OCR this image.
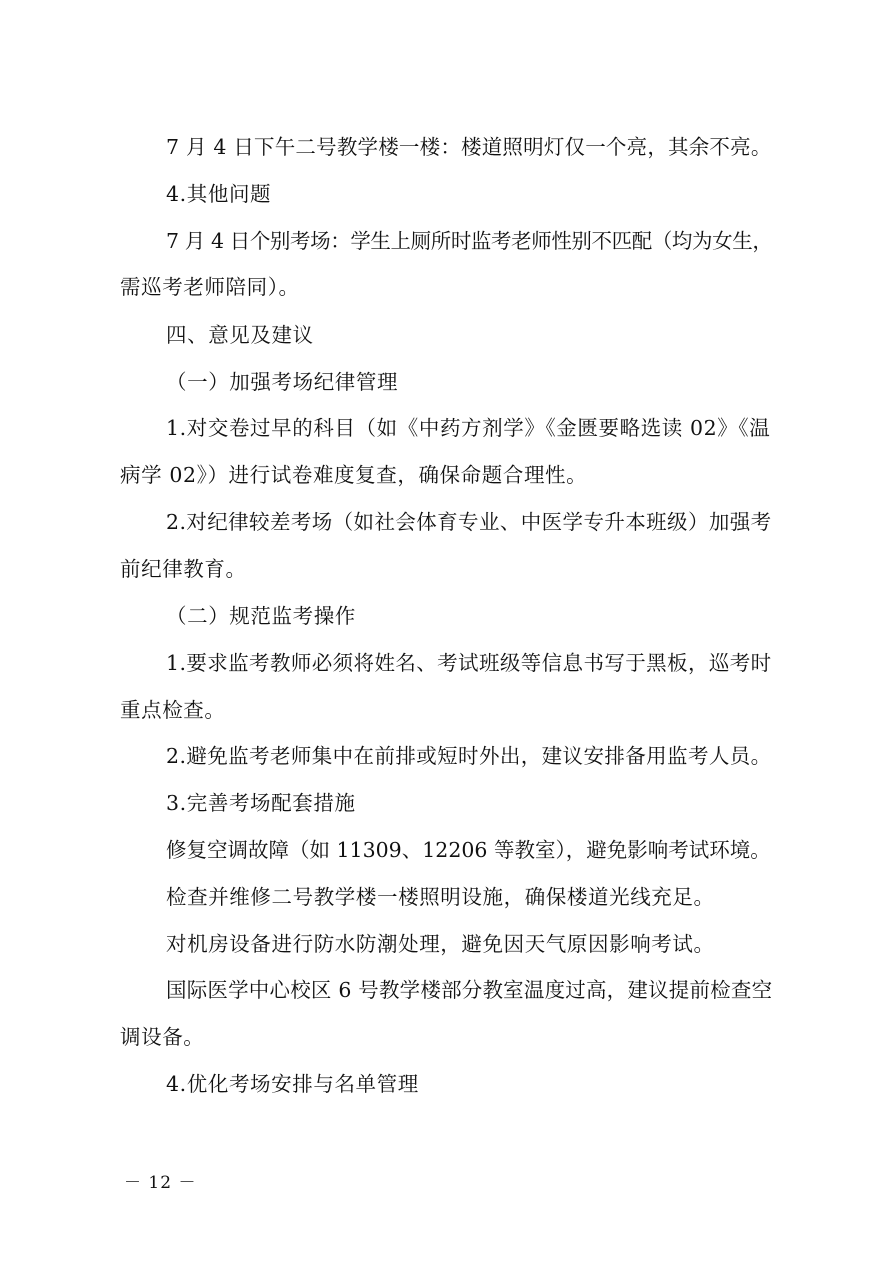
7 月 4 日下午二号教学楼一楼：楼道照明灯仅一个亮，其余不亮。
4.其他问题
7 月 4 日个别考场：学生上厕所时监考老师性别不匹配（均为女生，
需巡考老师陪同）。
四、意见及建议
（一）加强考场纪律管理
1.对交卷过早的科目（如《中药方剂学》《金匮要略选读 02》《温
病学 02》）进行试卷难度复查，确保命题合理性。
2.对纪律较差考场（如社会体育专业、中医学专升本班级）加强考
前纪律教育。
（二）规范监考操作
1.要求监考教师必须将姓名、考试班级等信息书写于黑板，巡考时
重点检查。
2.避免监考老师集中在前排或短时外出，建议安排备用监考人员。
3.完善考场配套措施
修复空调故障（如 11309、12206 等教室），避免影响考试环境。
检查并维修二号教学楼一楼照明设施，确保楼道光线充足。
对机房设备进行防水防潮处理，避免因天气原因影响考试。
国际医学中心校区 6 号教学楼部分教室温度过高，建议提前检查空
调设备。
4.优化考场安排与名单管理
－ 12 －
